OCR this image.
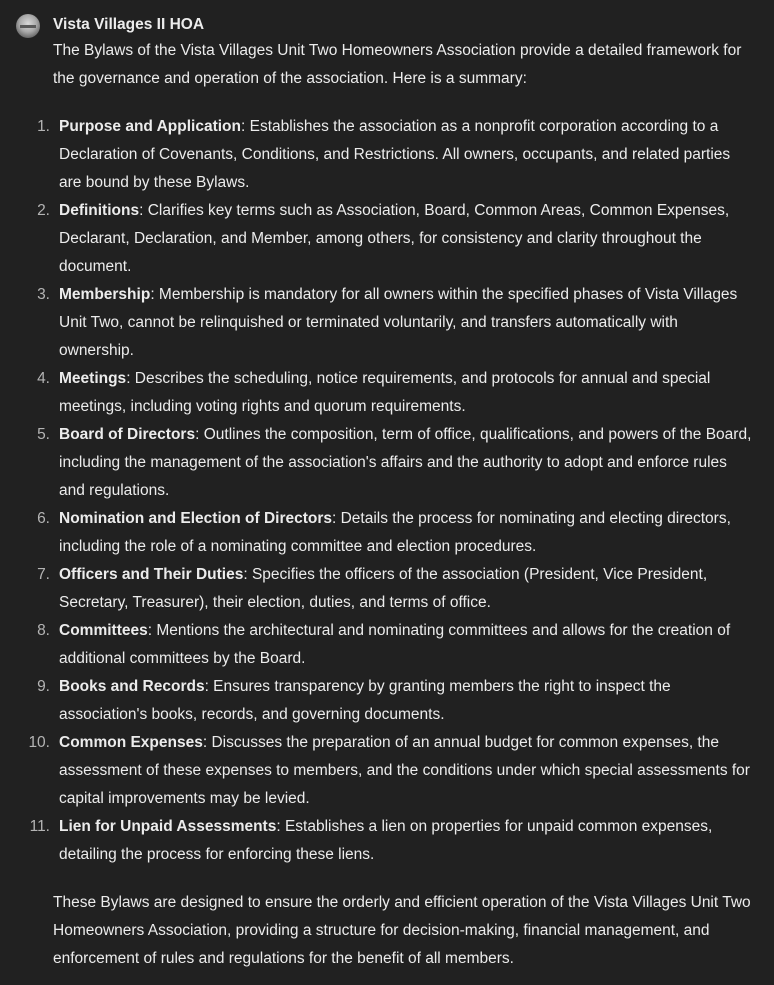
Vista Villages II HOA

The Bylaws of the Vista Villages Unit Two Homeowners Association provide a detailed framework for the governance and operation of the association. Here is a summary:

1. Purpose and Application: Establishes the association as a nonprofit corporation according to a Declaration of Covenants, Conditions, and Restrictions. All owners, occupants, and related parties are bound by these Bylaws.
2. Definitions: Clarifies key terms such as Association, Board, Common Areas, Common Expenses, Declarant, Declaration, and Member, among others, for consistency and clarity throughout the document.
3. Membership: Membership is mandatory for all owners within the specified phases of Vista Villages Unit Two, cannot be relinquished or terminated voluntarily, and transfers automatically with ownership.
4. Meetings: Describes the scheduling, notice requirements, and protocols for annual and special meetings, including voting rights and quorum requirements.
5. Board of Directors: Outlines the composition, term of office, qualifications, and powers of the Board, including the management of the association's affairs and the authority to adopt and enforce rules and regulations.
6. Nomination and Election of Directors: Details the process for nominating and electing directors, including the role of a nominating committee and election procedures.
7. Officers and Their Duties: Specifies the officers of the association (President, Vice President, Secretary, Treasurer), their election, duties, and terms of office.
8. Committees: Mentions the architectural and nominating committees and allows for the creation of additional committees by the Board.
9. Books and Records: Ensures transparency by granting members the right to inspect the association's books, records, and governing documents.
10. Common Expenses: Discusses the preparation of an annual budget for common expenses, the assessment of these expenses to members, and the conditions under which special assessments for capital improvements may be levied.
11. Lien for Unpaid Assessments: Establishes a lien on properties for unpaid common expenses, detailing the process for enforcing these liens.

These Bylaws are designed to ensure the orderly and efficient operation of the Vista Villages Unit Two Homeowners Association, providing a structure for decision-making, financial management, and enforcement of rules and regulations for the benefit of all members.
